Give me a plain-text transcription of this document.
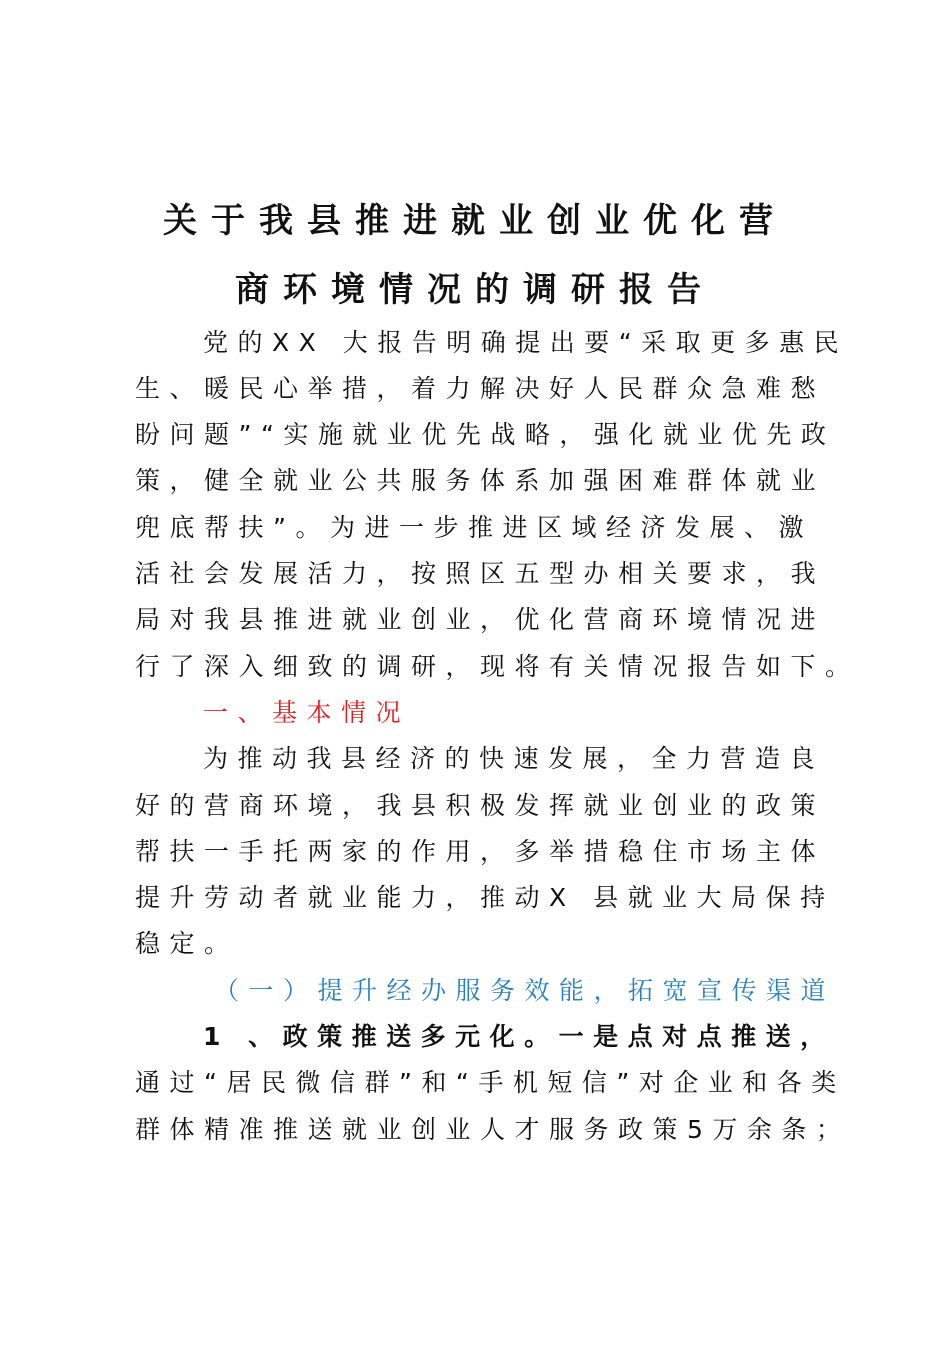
关于我县推进就业创业优化营
商环境情况的调研报告
党的XX 大报告明确提出要“采取更多惠民
生、暖民心举措，着力解决好人民群众急难愁
盼问题”“实施就业优先战略，强化就业优先政
策，健全就业公共服务体系加强困难群体就业
兜底帮扶”。为进一步推进区域经济发展、激
活社会发展活力，按照区五型办相关要求，我
局对我县推进就业创业，优化营商环境情况进
行了深入细致的调研，现将有关情况报告如下。
一、基本情况
为推动我县经济的快速发展，全力营造良
好的营商环境，我县积极发挥就业创业的政策
帮扶一手托两家的作用，多举措稳住市场主体
提升劳动者就业能力，推动X 县就业大局保持
稳定。
（一）提升经办服务效能，拓宽宣传渠道
1 、政策推送多元化。一是点对点推送，
通过“居民微信群”和“手机短信”对企业和各类
群体精准推送就业创业人才服务政策5万余条；
